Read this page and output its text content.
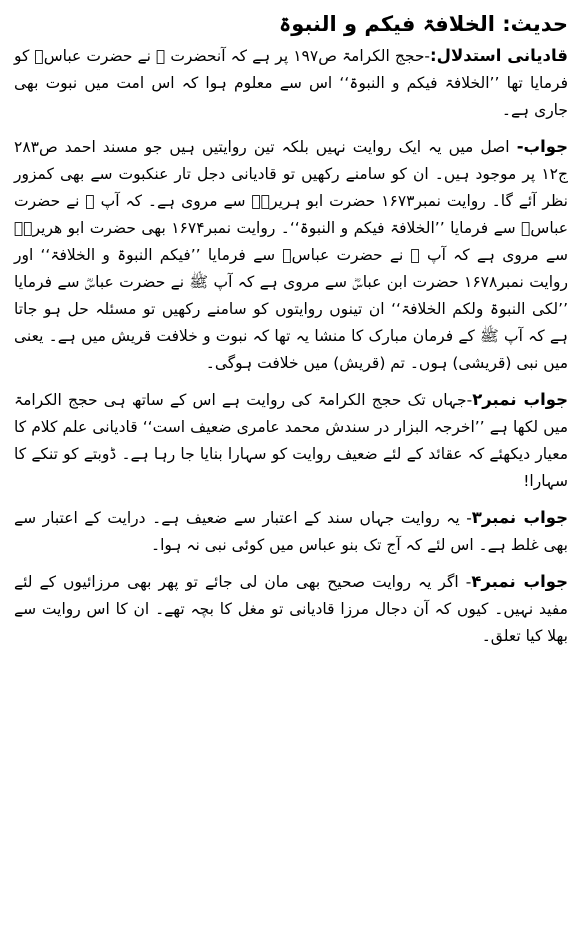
حدیث: الخلافۃ فیکم و النبوۃ

قادیانی استدلال:-حجج الکرامۃ ص۱۹۷ پر ہے کہ آنحضرت ﷺ نے حضرت عباسؓ کو فرمایا تھا ’’الخلافۃ فیکم و النبوۃ‘‘ اس سے معلوم ہوا کہ اس امت میں نبوت بھی جاری ہے۔

جواب- اصل میں یہ ایک روایت نہیں بلکہ تین روایتیں ہیں جو مسند احمد ص۲۸۳ ج۱۲ پر موجود ہیں۔ ان کو سامنے رکھیں تو قادیانی دجل تار عنکبوت سے بھی کمزور نظر آئے گا۔ روایت نمبر۱۶۷۳ حضرت ابو ہریرہؓ سے مروی ہے۔ کہ آپ ﷺ نے حضرت عباسؓ سے فرمایا ’’الخلافۃ فیکم و النبوۃ‘‘۔ روایت نمبر۱۶۷۴ بھی حضرت ابو ھریرہؓ سے مروی ہے کہ آپ ﷺ نے حضرت عباسؓ سے فرمایا ’’فیکم النبوۃ و الخلافۃ‘‘ اور روایت نمبر۱۶۷۸ حضرت ابن عباسؓ سے مروی ہے کہ آپ ﷺ نے حضرت عباسؓ سے فرمایا ’’لکی النبوۃ ولکم الخلافۃ‘‘ ان تینوں روایتوں کو سامنے رکھیں تو مسئلہ حل ہو جاتا ہے کہ آپ ﷺ کے فرمان مبارک کا منشا یہ تھا کہ نبوت و خلافت قریش میں ہے۔ یعنی میں نبی (قریشی) ہوں۔ تم (قریش) میں خلافت ہوگی۔

جواب نمبر۲-جہاں تک حجج الکرامۃ کی روایت ہے اس کے ساتھ ہی حجج الکرامۃ میں لکھا ہے ’’اخرجہ البزار در سندش محمد عامری ضعیف است‘‘ قادیانی علم کلام کا معیار دیکھئے کہ عقائد کے لئے ضعیف روایت کو سہارا بنایا جا رہا ہے۔ ڈوبتے کو تنکے کا سہارا!

جواب نمبر۳- یہ روایت جہاں سند کے اعتبار سے ضعیف ہے۔ درایت کے اعتبار سے بھی غلط ہے۔ اس لئے کہ آج تک بنو عباس میں کوئی نبی نہ ہوا۔

جواب نمبر۴- اگر یہ روایت صحیح بھی مان لی جائے تو پھر بھی مرزائیوں کے لئے مفید نہیں۔ کیوں کہ آن دجال مرزا قادیانی تو مغل کا بچہ تھے۔ ان کا اس روایت سے بھلا کیا تعلق۔
